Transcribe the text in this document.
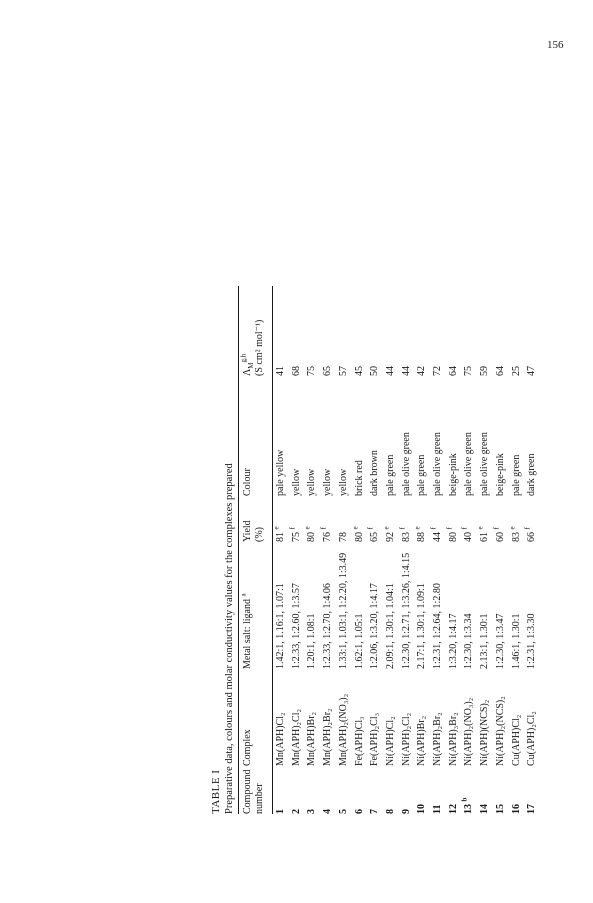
156
TABLE I Preparative data, colours and molar conductivity values for the complexes prepared Compound number
Complex
Metal salt: ligand $^a$
Yield (%)
Colour
$\Lambda_M^{g,h}$ (S cm² mol⁻¹)
1
Mn(APH)Cl₂
1.42:1, 1.16:1, 1.07:1
81 $^e$
pale yellow
41
2
Mn(APH)₂Cl₂
1:2.33, 1:2.60, 1:3.57
75 $^f$
yellow
68
3
Mn(APH)Br₂
1.20:1, 1.08:1
80 $^e$
yellow
75
4
Mn(APH)₂Br₂
1:2.33, 1:2.70, 1:4.06
76 $^f$
yellow
65
5
Mn(APH)₂(NO₃)₂
1.33:1, 1.03:1, 1:2.20, 1:3.49
78
yellow
57
6
Fe(APH)Cl₃
1.62:1, 1.05:1
80 $^e$
brick red
45
7
Fe(APH)₂Cl₃
1:2.06, 1:3.20, 1:4.17
65 $^f$
dark brown
50
8
Ni(APH)Cl₂
2.09:1, 1.30:1, 1.04:1
92 $^e$
pale green
44
9
Ni(APH)₂Cl₂
1:2.30, 1:2.71, 1:3.26, 1:4.15
83 $^f$
pale olive green
44
10
Ni(APH)Br₂
2.17:1, 1.30:1, 1.09:1
88 $^e$
pale green
42
11
Ni(APH)₂Br₂
1:2.31, 1:2.64, 1:2.80
44 $^f$
pale olive green
72
12
Ni(APH)₃Br₂
1:3.20, 1:4.17
80 $^f$
beige-pink
64
13 $^b$
Ni(APH)₂(NO₃)₂
1:2.30, 1:3.34
40 $^f$
pale olive green
75
14
Ni(APH)(NCS)₂
2.13:1, 1.30:1
61 $^e$
pale olive green
59
15
Ni(APH)₂(NCS)₂
1:2.30, 1:3.47
60 $^f$
beige-pink
64
16
Cu(APH)Cl₂
1.46:1, 1.30:1
83 $^e$
pale green
25
17
Cu(APH)₂Cl₂
1:2.31, 1:3.30
66 $^f$
dark green
47
